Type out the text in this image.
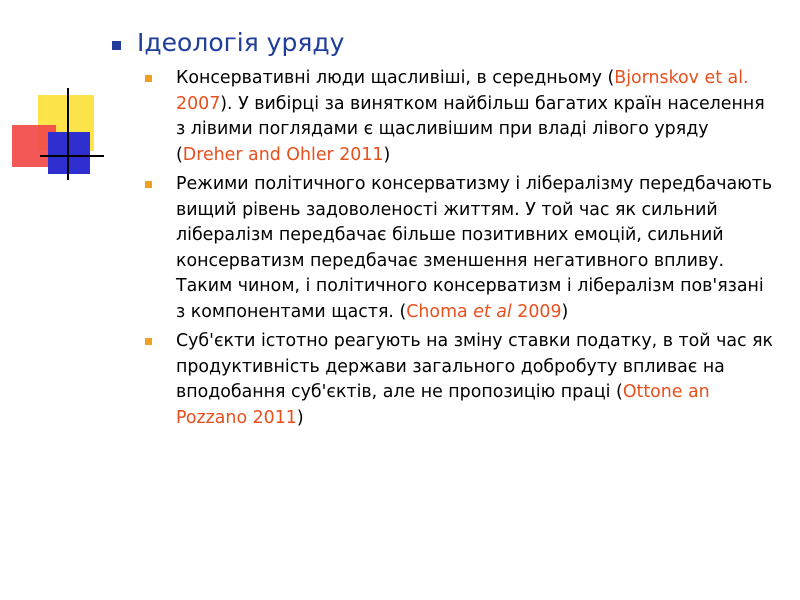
Ідеологія уряду
Консервативні люди щасливіші, в середньому (Bjornskov et al. 2007). У вибірці за винятком найбільш багатих країн населення з лівими поглядами є щасливішим при владі лівого уряду (Dreher and Ohler 2011)
Режими політичного консерватизму і лібералізму передбачають вищий рівень задоволеності життям. У той час як сильний лібералізм передбачає більше позитивних емоцій, сильний консерватизм передбачає зменшення негативного впливу. Таким чином, і політичного консерватизм і лібералізм пов'язані з компонентами щастя. (Choma et al 2009)
Суб'єкти істотно реагують на зміну ставки податку, в той час як продуктивність держави загального добробуту впливає на вподобання суб'єктів, але не пропозицію праці (Ottone an Pozzano 2011)
